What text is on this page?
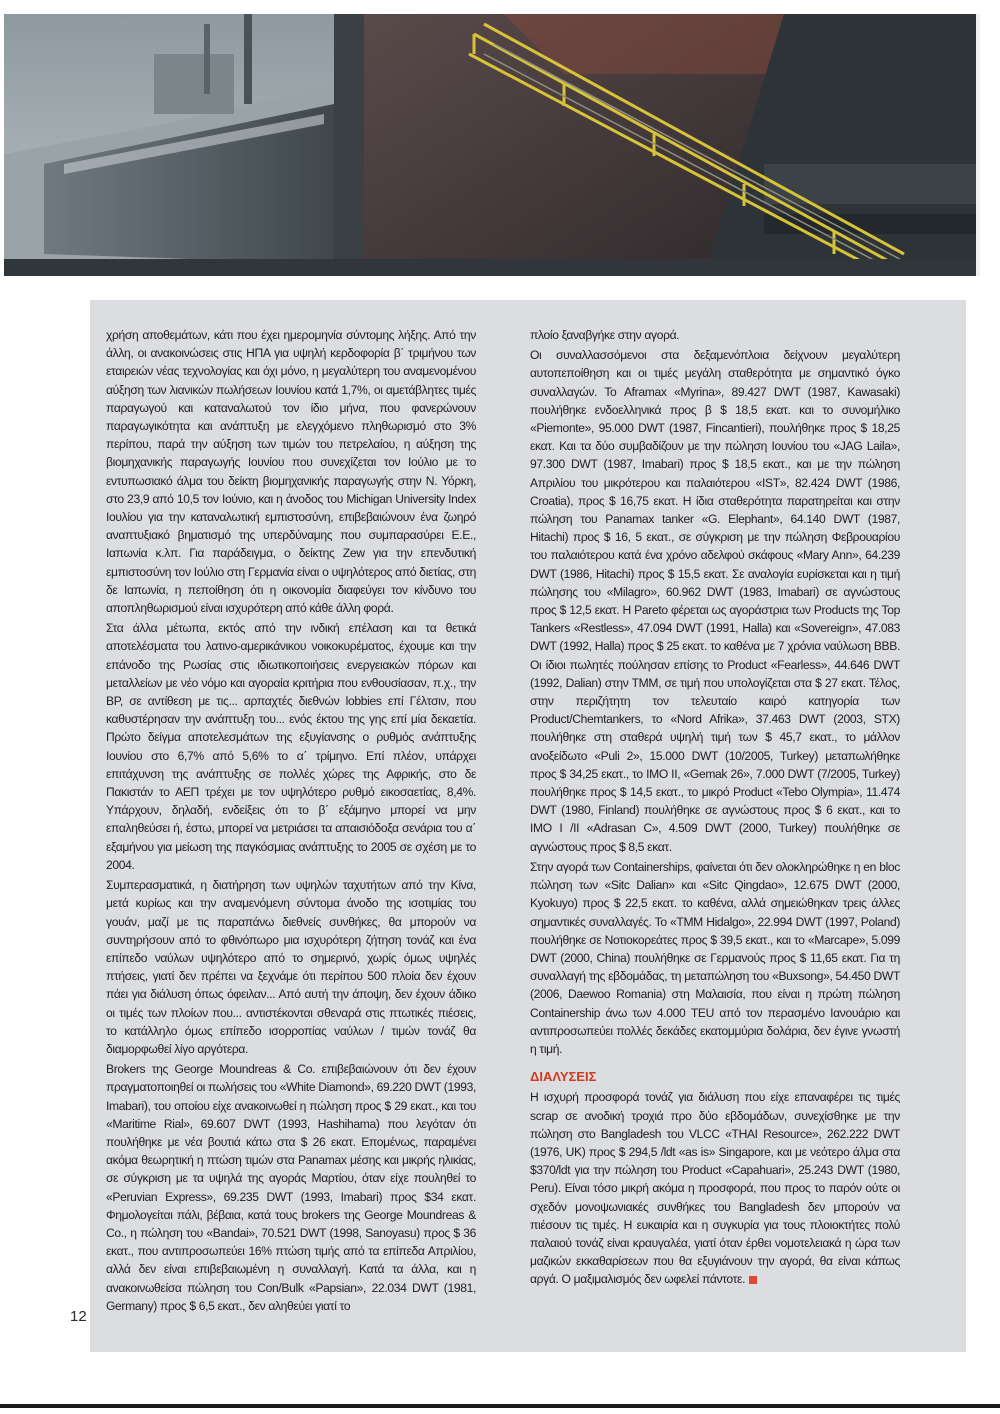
χρήση αποθεμάτων, κάτι που έχει ημερομηνία σύντομης λήξης. Από την άλλη, οι ανακοινώσεις στις ΗΠΑ για υψηλή κερδοφορία β΄ τριμήνου των εταιρειών νέας τεχνολογίας και όχι μόνο, η μεγαλύτερη του αναμενομένου αύξηση των λιανικών πωλήσεων Ιουνίου κατά 1,7%, οι αμετάβλητες τιμές παραγωγού και καταναλωτού τον ίδιο μήνα, που φανερώνουν παραγωγικότητα και ανάπτυξη με ελεγχόμενο πληθωρισμό στο 3% περίπου, παρά την αύξηση των τιμών του πετρελαίου, η αύξηση της βιομηχανικής παραγωγής Ιουνίου που συνεχίζεται τον Ιούλιο με το εντυπωσιακό άλμα του δείκτη βιομηχανικής παραγωγής στην Ν. Υόρκη, στο 23,9 από 10,5 τον Ιούνιο, και η άνοδος του Michigan University Index Ιουλίου για την καταναλωτική εμπιστοσύνη, επιβεβαιώνουν ένα ζωηρό αναπτυξιακό βηματισμό της υπερδύναμης που συμπαρασύρει Ε.Ε., Ιαπωνία κ.λπ. Για παράδειγμα, ο δείκτης Zew για την επενδυτική εμπιστοσύνη τον Ιούλιο στη Γερμανία είναι ο υψηλότερος από διετίας, στη δε Ιαπωνία, η πεποίθηση ότι η οικονομία διαφεύγει τον κίνδυνο του αποπληθωρισμού είναι ισχυρότερη από κάθε άλλη φορά.

Στα άλλα μέτωπα, εκτός από την ινδική επέλαση και τα θετικά αποτελέσματα του λατινο-αμερικάνικου νοικοκυρέματος, έχουμε και την επάνοδο της Ρωσίας στις ιδιωτικοποιήσεις ενεργειακών πόρων και μεταλλείων με νέο νόμο και αγοραία κριτήρια που ενθουσίασαν, π.χ., την BP, σε αντίθεση με τις... αρπαχτές διεθνών lobbies επί Γέλτσιν, που καθυστέρησαν την ανάπτυξη του... ενός έκτου της γης επί μία δεκαετία. Πρώτο δείγμα αποτελεσμάτων της εξυγίανσης ο ρυθμός ανάπτυξης Ιουνίου στο 6,7% από 5,6% το α΄ τρίμηνο. Επί πλέον, υπάρχει επιτάχυνση της ανάπτυξης σε πολλές χώρες της Αφρικής, στο δε Πακιστάν το ΑΕΠ τρέχει με τον υψηλότερο ρυθμό εικοσαετίας, 8,4%. Υπάρχουν, δηλαδή, ενδείξεις ότι το β΄ εξάμηνο μπορεί να μην επαληθεύσει ή, έστω, μπορεί να μετριάσει τα απαισιόδοξα σενάρια του α΄ εξαμήνου για μείωση της παγκόσμιας ανάπτυξης το 2005 σε σχέση με το 2004.

Συμπερασματικά, η διατήρηση των υψηλών ταχυτήτων από την Κίνα, μετά κυρίως και την αναμενόμενη σύντομα άνοδο της ισοτιμίας του γουάν, μαζί με τις παραπάνω διεθνείς συνθήκες, θα μπορούν να συντηρήσουν από το φθινόπωρο μια ισχυρότερη ζήτηση τονάζ και ένα επίπεδο ναύλων υψηλότερο από το σημερινό, χωρίς όμως υψηλές πτήσεις, γιατί δεν πρέπει να ξεχνάμε ότι περίπου 500 πλοία δεν έχουν πάει για διάλυση όπως όφειλαν... Από αυτή την άποψη, δεν έχουν άδικο οι τιμές των πλοίων που... αντιστέκονται σθεναρά στις πτωτικές πιέσεις, το κατάλληλο όμως επίπεδο ισορροπίας ναύλων / τιμών τονάζ θα διαμορφωθεί λίγο αργότερα.

Brokers της George Moundreas & Co. επιβεβαιώνουν ότι δεν έχουν πραγματοποιηθεί οι πωλήσεις του «White Diamond», 69.220 DWT (1993, Imabari), του οποίου είχε ανακοινωθεί η πώληση προς $ 29 εκατ., και του «Maritime Rial», 69.607 DWT (1993, Hashihama) που λεγόταν ότι πουλήθηκε με νέα βουτιά κάτω στα $ 26 εκατ. Επομένως, παραμένει ακόμα θεωρητική η πτώση τιμών στα Panamax μέσης και μικρής ηλικίας, σε σύγκριση με τα υψηλά της αγοράς Μαρτίου, όταν είχε πουληθεί το «Peruvian Express», 69.235 DWT (1993, Imabari) προς $34 εκατ. Φημολογείται πάλι, βέβαια, κατά τους brokers της George Moundreas & Co., η πώληση του «Bandai», 70.521 DWT (1998, Sanoyasu) προς $ 36 εκατ., που αντιπροσωπεύει 16% πτώση τιμής από τα επίπεδα Απριλίου, αλλά δεν είναι επιβεβαιωμένη η συναλλαγή. Κατά τα άλλα, και η ανακοινωθείσα πώληση του Con/Bulk «Papsian», 22.034 DWT (1981, Germany) προς $ 6,5 εκατ., δεν αληθεύει γιατί το

πλοίο ξαναβγήκε στην αγορά.

Οι συναλλασσόμενοι στα δεξαμενόπλοια δείχνουν μεγαλύτερη αυτοπεποίθηση και οι τιμές μεγάλη σταθερότητα με σημαντικό όγκο συναλλαγών. Το Aframax «Myrina», 89.427 DWT (1987, Kawasaki) πουλήθηκε ενδοελληνικά προς β $ 18,5 εκατ. και το συνομήλικο «Piemonte», 95.000 DWT (1987, Fincantieri), πουλήθηκε προς $ 18,25 εκατ. Και τα δύο συμβαδίζουν με την πώληση Ιουνίου του «JAG Laila», 97.300 DWT (1987, Imabari) προς $ 18,5 εκατ., και με την πώληση Απριλίου του μικρότερου και παλαιότερου «IST», 82.424 DWT (1986, Croatia), προς $ 16,75 εκατ. Η ίδια σταθερότητα παρατηρείται και στην πώληση του Panamax tanker «G. Elephant», 64.140 DWT (1987, Hitachi) προς $ 16, 5 εκατ., σε σύγκριση με την πώληση Φεβρουαρίου του παλαιότερου κατά ένα χρόνο αδελφού σκάφους «Mary Ann», 64.239 DWT (1986, Hitachi) προς $ 15,5 εκατ. Σε αναλογία ευρίσκεται και η τιμή πώλησης του «Milagro», 60.962 DWT (1983, Imabari) σε αγνώστους προς $ 12,5 εκατ. Η Pareto φέρεται ως αγοράστρια των Products της Top Tankers «Restless», 47.094 DWT (1991, Halla) και «Sovereign», 47.083 DWT (1992, Halla) προς $ 25 εκατ. το καθένα με 7 χρόνια ναύλωση BBB. Οι ίδιοι πωλητές πούλησαν επίσης το Product «Fearless», 44.646 DWT (1992, Dalian) στην ΤΜΜ, σε τιμή που υπολογίζεται στα $ 27 εκατ. Τέλος, στην περιζήτητη τον τελευταίο καιρό κατηγορία των Product/Chemtankers, το «Nord Afrika», 37.463 DWT (2003, STX) πουλήθηκε στη σταθερά υψηλή τιμή των $ 45,7 εκατ., το μάλλον ανοξείδωτο «Puli 2», 15.000 DWT (10/2005, Turkey) μεταπωλήθηκε προς $ 34,25 εκατ., το IMO II, «Gemak 26», 7.000 DWT (7/2005, Turkey) πουλήθηκε προς $ 14,5 εκατ., το μικρό Product «Tebo Olympia», 11.474 DWT (1980, Finland) πουλήθηκε σε αγνώστους προς $ 6 εκατ., και το IMO I /II «Adrasan C», 4.509 DWT (2000, Turkey) πουλήθηκε σε αγνώστους προς $ 8,5 εκατ.

Στην αγορά των Containerships, φαίνεται ότι δεν ολοκληρώθηκε η en bloc πώληση των «Sitc Dalian» και «Sitc Qingdao», 12.675 DWT (2000, Kyokuyo) προς $ 22,5 εκατ. το καθένα, αλλά σημειώθηκαν τρεις άλλες σημαντικές συναλλαγές. Το «TMM Hidalgo», 22.994 DWT (1997, Poland) πουλήθηκε σε Νοτιοκορεάτες προς $ 39,5 εκατ., και το «Marcape», 5.099 DWT (2000, China) πουλήθηκε σε Γερμανούς προς $ 11,65 εκατ. Για τη συναλλαγή της εβδομάδας, τη μεταπώληση του «Buxsong», 54.450 DWT (2006, Daewoo Romania) στη Μαλαισία, που είναι η πρώτη πώληση Containership άνω των 4.000 TEU από τον περασμένο Ιανουάριο και αντιπροσωπεύει πολλές δεκάδες εκατομμύρια δολάρια, δεν έγινε γνωστή η τιμή.

ΔΙΑΛΥΣΕΙΣ

Η ισχυρή προσφορά τονάζ για διάλυση που είχε επαναφέρει τις τιμές scrap σε ανοδική τροχιά προ δύο εβδομάδων, συνεχίσθηκε με την πώληση στο Bangladesh του VLCC «THAI Resource», 262.222 DWT (1976, UK) προς $ 294,5 /ldt «as is» Singapore, και με νεότερο άλμα στα $370/ldt για την πώληση του Product «Capahuari», 25.243 DWT (1980, Peru). Είναι τόσο μικρή ακόμα η προσφορά, που προς το παρόν ούτε οι σχεδόν μονοψωνιακές συνθήκες του Bangladesh δεν μπορούν να πιέσουν τις τιμές. Η ευκαιρία και η συγκυρία για τους πλοιοκτήτες πολύ παλαιού τονάζ είναι κραυγαλέα, γιατί όταν έρθει νομοτελειακά η ώρα των μαζικών εκκαθαρίσεων που θα εξυγιάνουν την αγορά, θα είναι κάπως αργά. Ο μαξιμαλισμός δεν ωφελεί πάντοτε.

12
